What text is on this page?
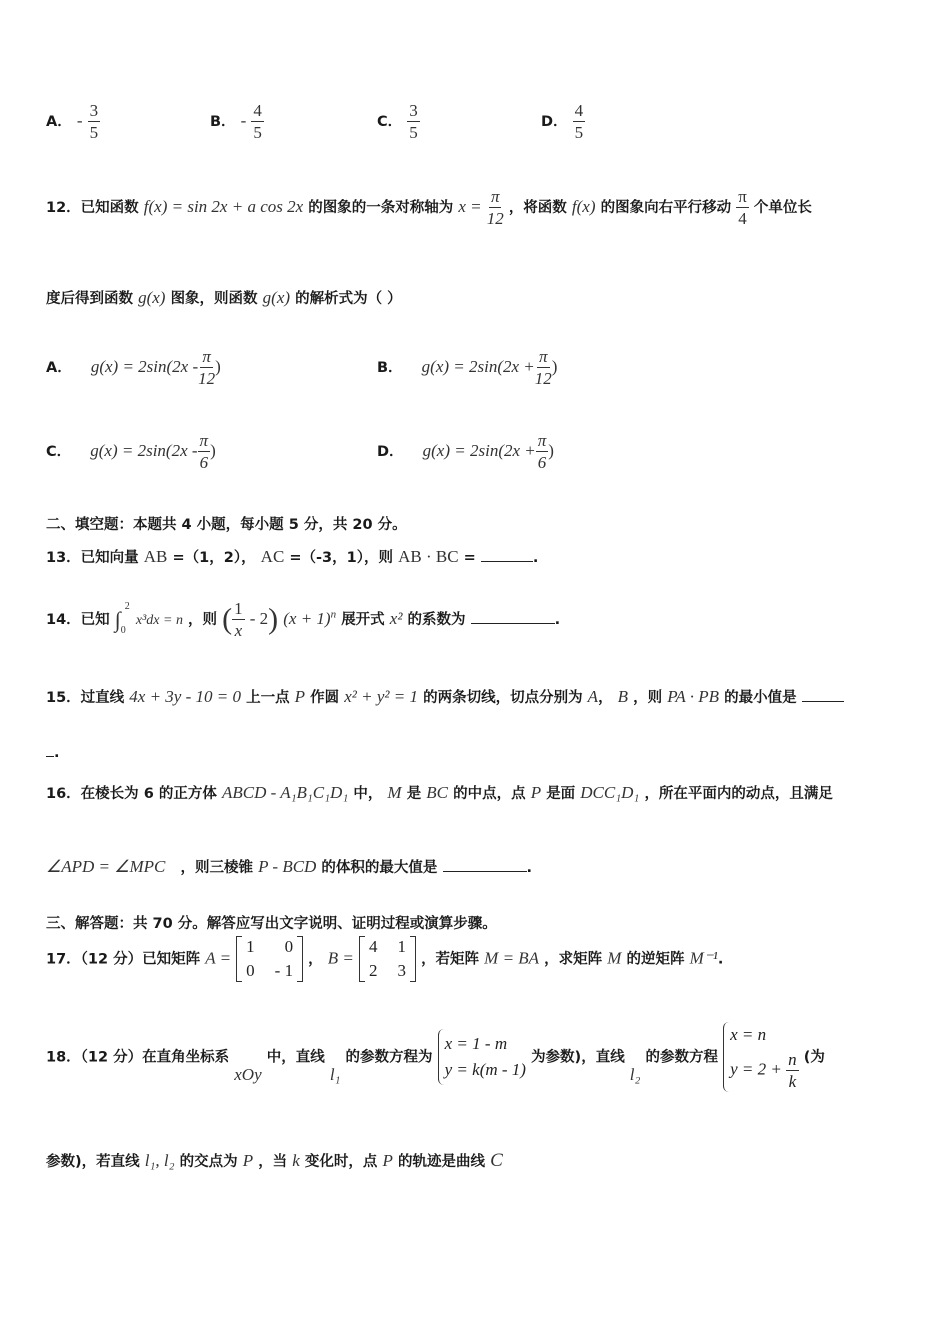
A． - $\frac{3}{5}$	B． - $\frac{4}{5}$	C． $\frac{3}{5}$	D． $\frac{4}{5}$
12．已知函数 f(x) = sin 2x + a cos 2x 的图象的一条对称轴为 $x = \frac{\pi}{12}$ ，将函数 f(x) 的图象向右平行移动 $\frac{\pi}{4}$ 个单位长
度后得到函数 g(x) 图象，则函数 g(x) 的解析式为（ ）
A． $g(x) = 2\sin(2x - \frac{\pi}{12}$ )	B． $g(x) = 2\sin(2x + \frac{\pi}{12}$ )
C． $g(x) = 2\sin(2x - \frac{\pi}{6}$ )	D． $g(x) = 2\sin(2x + \frac{\pi}{6}$ )
二、填空题：本题共 4 小题，每小题 5 分，共 20 分。
13．已知向量 AB =（1，2）， AC =（-3，1），则 AB · BC =	.
14．已知 ∫
2
0
x³dx = n ，则 ( $\frac{1}{x} - 2$) $(x + 1)^n$ 展开式 x² 的系数为	.
15．过直线 4x + 3y - 10 = 0 上一点 P 作圆 x² + y² = 1 的两条切线，切点分别为 A， B ，则 PA · PB 的最小值是
.
16．在棱长为 6 的正方体 ABCD - A₁B₁C₁D₁ 中， M 是 BC 的中点，点 P 是面 DCC₁D₁ ，所在平面内的动点，且满足
∠APD = ∠MPC ，则三棱锥 P - BCD 的体积的最大值是	.
三、解答题：共 70 分。解答应写出文字说明、证明过程或演算步骤。
17．（12 分）已知矩阵 A =
1	0
0 - 1
， B =
4 1
2 3
，若矩阵 M = BA ，求矩阵 M 的逆矩阵 M⁻¹.
18．（12 分）在直角坐标系 xOy 中，直线 l₁ 的参数方程为
x = 1 - m
y = k(m - 1)
为参数)，直线 l₂ 的参数方程
x = n
$y = 2 + \frac{n}{k}$ (为
参数)，若直线 l₁, l₂ 的交点为 P ，当 k 变化时，点 P 的轨迹是曲线 C
